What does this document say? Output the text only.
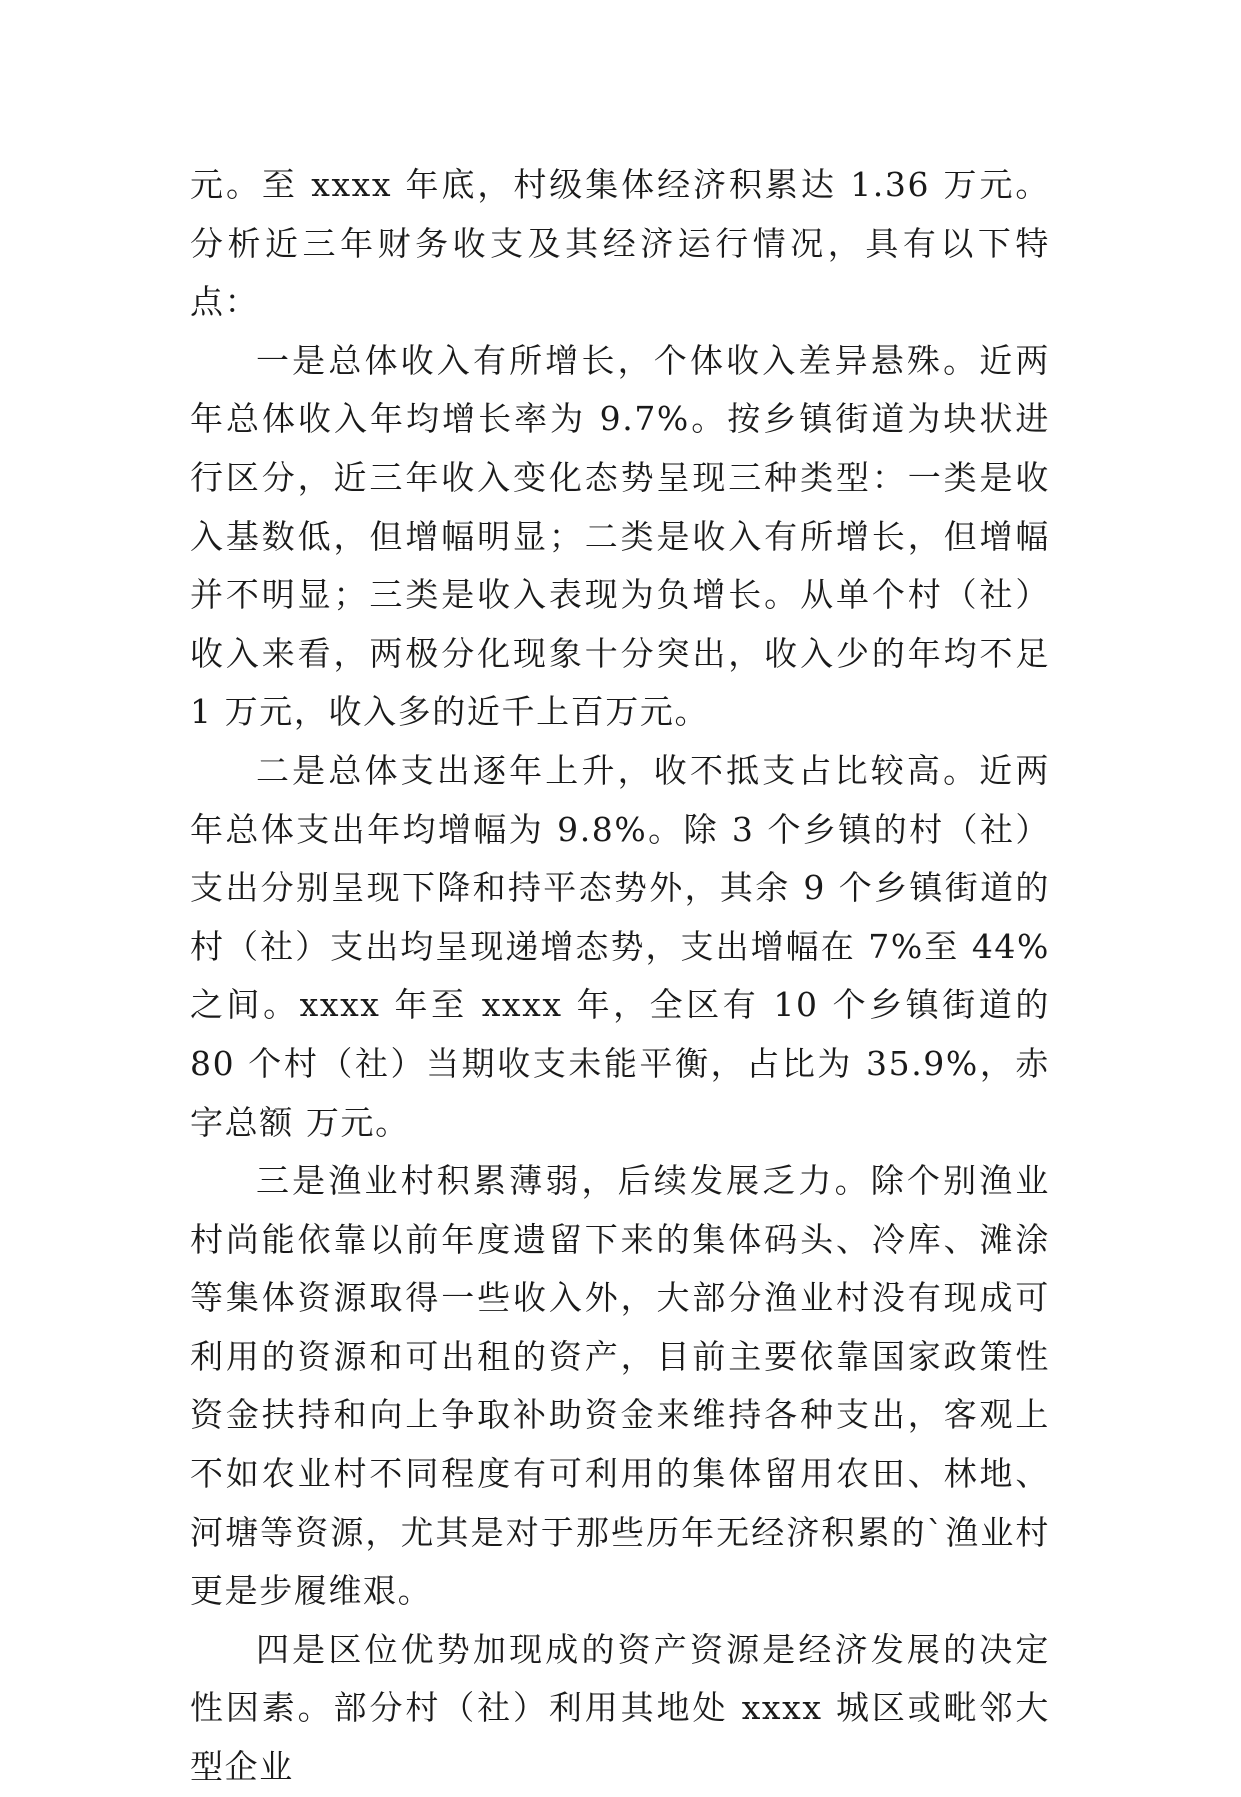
元。至 xxxx 年底，村级集体经济积累达 1.36 万元。分析近三年财务收支及其经济运行情况，具有以下特点：

一是总体收入有所增长，个体收入差异悬殊。近两年总体收入年均增长率为 9.7%。按乡镇街道为块状进行区分，近三年收入变化态势呈现三种类型：一类是收入基数低，但增幅明显；二类是收入有所增长，但增幅并不明显；三类是收入表现为负增长。从单个村（社）收入来看，两极分化现象十分突出，收入少的年均不足 1 万元，收入多的近千上百万元。

二是总体支出逐年上升，收不抵支占比较高。近两年总体支出年均增幅为 9.8%。除 3 个乡镇的村（社）支出分别呈现下降和持平态势外，其余 9 个乡镇街道的村（社）支出均呈现递增态势，支出增幅在 7%至 44%之间。xxxx 年至 xxxx 年，全区有 10 个乡镇街道的 80 个村（社）当期收支未能平衡，占比为 35.9%，赤字总额 万元。

三是渔业村积累薄弱，后续发展乏力。除个别渔业村尚能依靠以前年度遗留下来的集体码头、冷库、滩涂等集体资源取得一些收入外，大部分渔业村没有现成可利用的资源和可出租的资产，目前主要依靠国家政策性资金扶持和向上争取补助资金来维持各种支出，客观上不如农业村不同程度有可利用的集体留用农田、林地、河塘等资源，尤其是对于那些历年无经济积累的`渔业村更是步履维艰。

四是区位优势加现成的资产资源是经济发展的决定性因素。部分村（社）利用其地处 xxxx 城区或毗邻大型企业
